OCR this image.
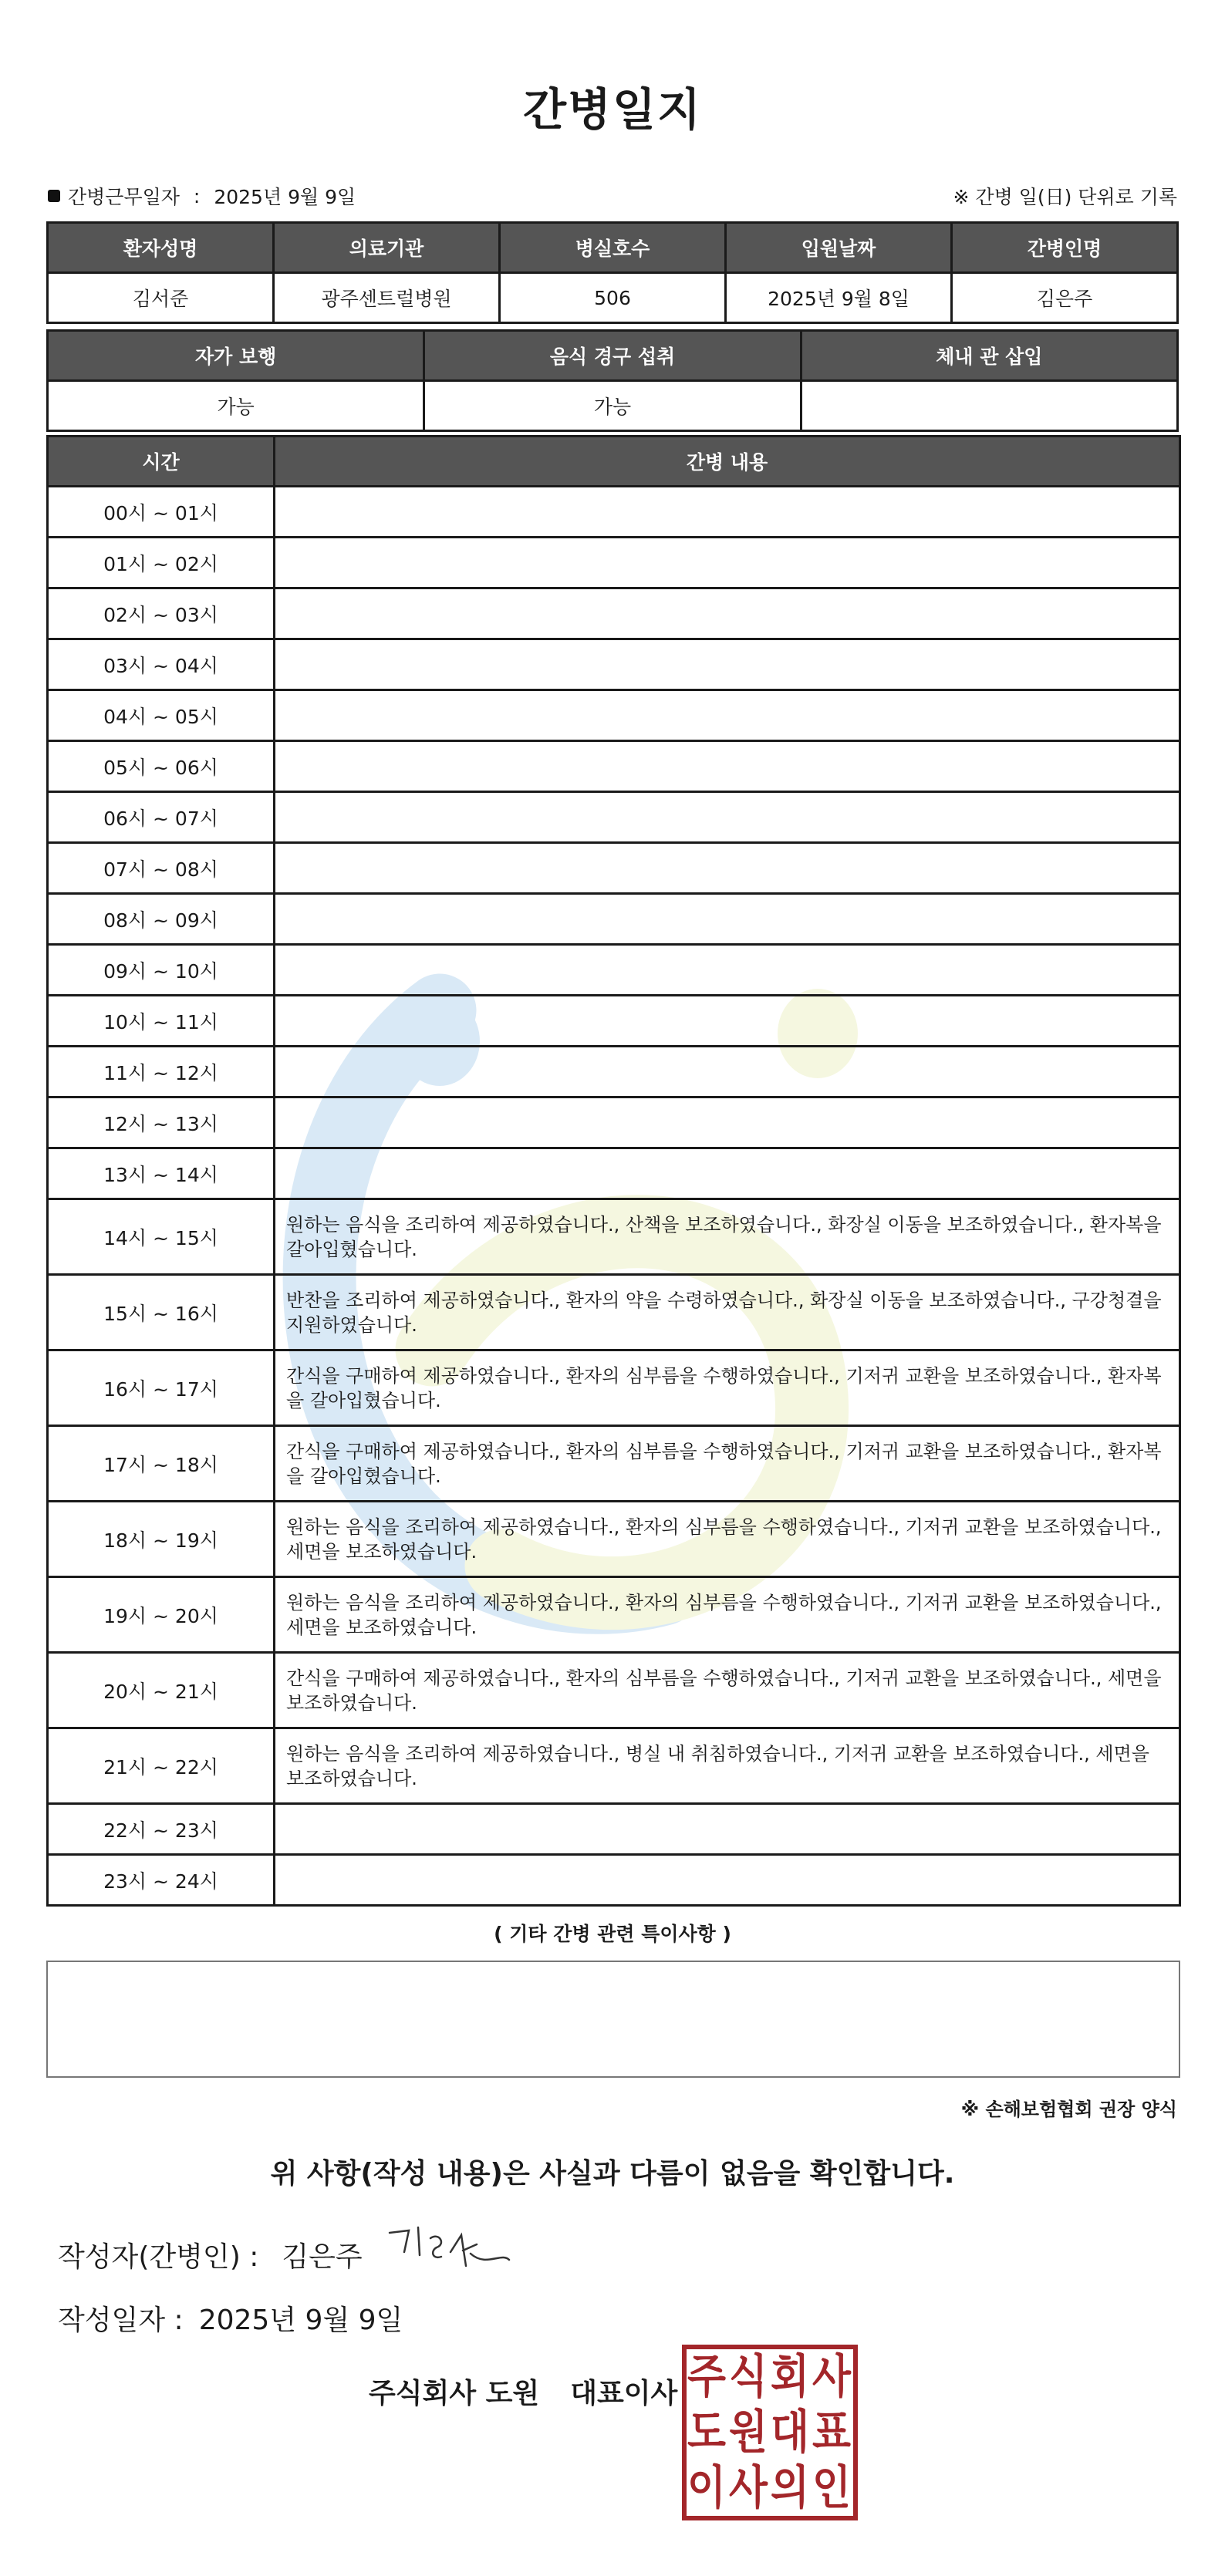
간병일지
간병근무일자 : 2025년 9월 9일	※ 간병 일(日) 단위로 기록
환자성명	의료기관	병실호수	입원날짜	간병인명
김서준	광주센트럴병원	506	2025년 9월 8일	김은주
자가 보행	음식 경구 섭취	체내 관 삽입
가능	가능	
시간	간병 내용
00시 ~ 01시	
01시 ~ 02시	
02시 ~ 03시	
03시 ~ 04시	
04시 ~ 05시	
05시 ~ 06시	
06시 ~ 07시	
07시 ~ 08시	
08시 ~ 09시	
09시 ~ 10시	
10시 ~ 11시	
11시 ~ 12시	
12시 ~ 13시	
13시 ~ 14시	
14시 ~ 15시	원하는 음식을 조리하여 제공하였습니다., 산책을 보조하였습니다., 화장실 이동을 보조하였습니다., 환자복을 갈아입혔습니다.
15시 ~ 16시	반찬을 조리하여 제공하였습니다., 환자의 약을 수령하였습니다., 화장실 이동을 보조하였습니다., 구강청결을 지원하였습니다.
16시 ~ 17시	간식을 구매하여 제공하였습니다., 환자의 심부름을 수행하였습니다., 기저귀 교환을 보조하였습니다., 환자복을 갈아입혔습니다.
17시 ~ 18시	간식을 구매하여 제공하였습니다., 환자의 심부름을 수행하였습니다., 기저귀 교환을 보조하였습니다., 환자복을 갈아입혔습니다.
18시 ~ 19시	원하는 음식을 조리하여 제공하였습니다., 환자의 심부름을 수행하였습니다., 기저귀 교환을 보조하였습니다., 세면을 보조하였습니다.
19시 ~ 20시	원하는 음식을 조리하여 제공하였습니다., 환자의 심부름을 수행하였습니다., 기저귀 교환을 보조하였습니다., 세면을 보조하였습니다.
20시 ~ 21시	간식을 구매하여 제공하였습니다., 환자의 심부름을 수행하였습니다., 기저귀 교환을 보조하였습니다., 세면을 보조하였습니다.
21시 ~ 22시	원하는 음식을 조리하여 제공하였습니다., 병실 내 취침하였습니다., 기저귀 교환을 보조하였습니다., 세면을 보조하였습니다.
22시 ~ 23시	
23시 ~ 24시	
( 기타 간병 관련 특이사항 )
※ 손해보험협회 권장 양식
위 사항(작성 내용)은 사실과 다름이 없음을 확인합니다.
작성자(간병인) : 김은주
작성일자 : 2025년 9월 9일
주식회사 도원 대표이사 주 식 회 사
도 원 대 표
이 사 의 인
